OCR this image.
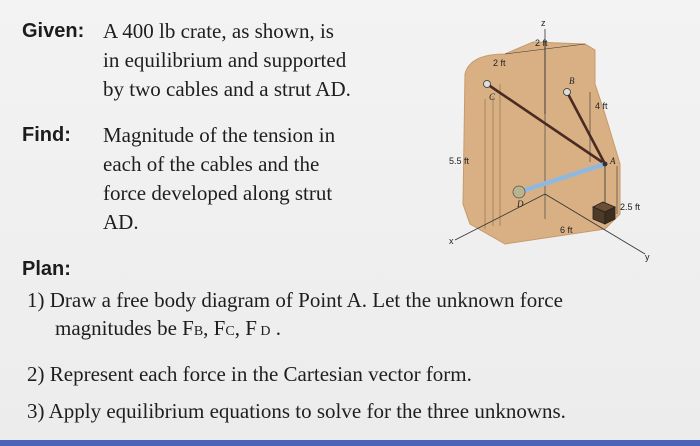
Given: A 400 lb crate, as shown, is
in equilibrium and supported
by two cables and a strut AD.
Find: Magnitude of the tension in
each of the cables and the
force developed along strut
AD.
Plan:
1) Draw a free body diagram of Point A. Let the unknown force
magnitudes be FB, FC, F D .
2) Represent each force in the Cartesian vector form.
3) Apply equilibrium equations to solve for the three unknowns.
z
x
y
2 ft
2 ft
4 ft
5.5 ft
6 ft
2.5 ft
A
B
C
D
